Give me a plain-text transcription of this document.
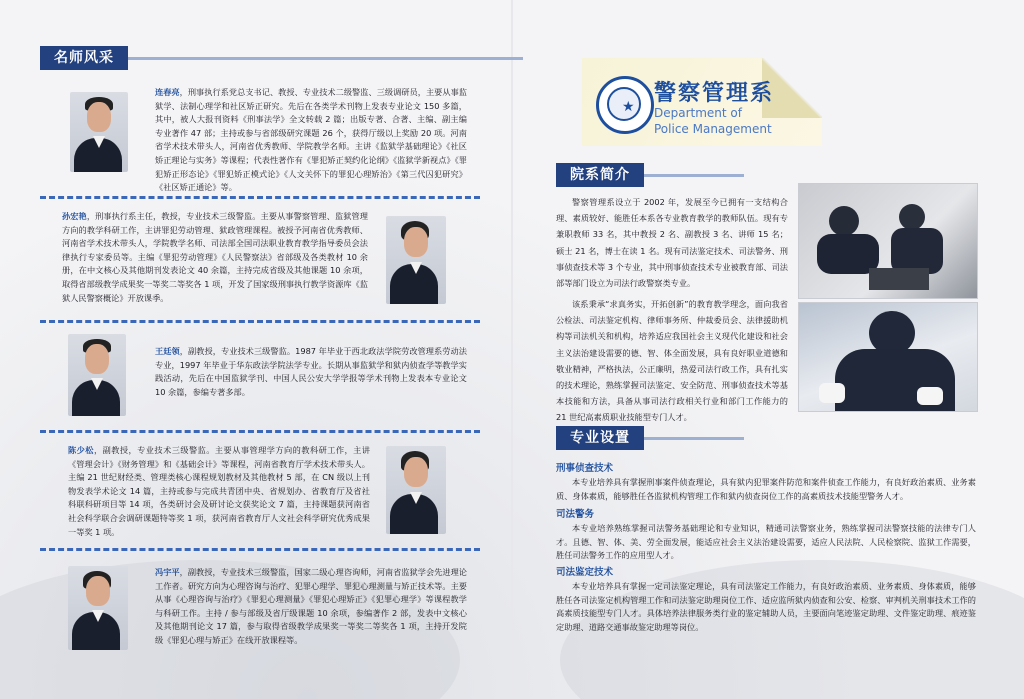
名师风采
连春亮，刑事执行系党总支书记、教授、专业技术二级警监、三级调研员，主要从事监狱学、法制心理学和社区矫正研究。先后在各类学术刊物上发表专业论文 150 多篇，其中，被人大报刊资料《刑事法学》全文转载 2 篇；出版专著、合著、主编、副主编专业著作 47 部；主持或参与省部级研究课题 26 个，获得厅级以上奖励 20 项。河南省学术技术带头人，河南省优秀教师、学院教学名师。主讲《监狱学基础理论》《社区矫正理论与实务》等课程；代表性著作有《罪犯矫正契约化论纲》《监狱学新视点》《罪犯矫正形态论》《罪犯矫正模式论》《人文关怀下的罪犯心理矫治》《第三代囚犯研究》《社区矫正通论》等。
孙宏艳，刑事执行系主任，教授，专业技术三级警监。主要从事警察管理、监狱管理方向的教学科研工作，主讲罪犯劳动管理、狱政管理课程。被授予河南省优秀教师、河南省学术技术带头人，学院教学名师、司法部全国司法职业教育教学指导委员会法律执行专家委员等。主编《罪犯劳动管理》《人民警察法》省部级及各类教材 10 余册，在中文核心及其他期刊发表论文 40 余篇，主持完成省级及其他课题 10 余项，取得省部级教学成果奖一等奖二等奖各 1 项，开发了国家级刑事执行教学资源库《监狱人民警察概论》开放课季。
王廷领，副教授，专业技术三级警监。1987 年毕业于西北政法学院劳改管理系劳动法专业，1997 年毕业于华东政法学院法学专业。长期从事监狱学和狱内侦查学等教学实践活动，先后在中国监狱学刊、中国人民公安大学学报等学术刊物上发表本专业论文 10 余篇，参编专著多部。
陈少松，副教授，专业技术三级警监。主要从事管理学方向的教科研工作，主讲《管理会计》《财务管理》和《基础会计》等课程，河南省教育厅学术技术带头人。主编 21 世纪财经类、管理类核心课程规划教材及其他教材 5 部，在 CN 级以上刊物发表学术论文 14 篇，主持或参与完成共青团中央、省规划办、省教育厅及省社科联科研项目等 14 项，各类研讨会及研讨论文获奖论文 7 篇，主持课题获河南省社会科学联合会调研课题特等奖 1 项，获河南省教育厅人文社会科学研究优秀成果一等奖 1 项。
冯宇平，副教授，专业技术三级警监，国家二级心理咨询师，河南省监狱学会先进理论工作者。研究方向为心理咨询与治疗、犯罪心理学、罪犯心理测量与矫正技术等。主要从事《心理咨询与治疗》《罪犯心理测量》《罪犯心理矫正》《犯罪心理学》等课程教学与科研工作。主持 / 参与部级及省厅级课题 10 余项，参编著作 2 部，发表中文核心及其他期刊论文 17 篇，参与取得省级教学成果奖一等奖二等奖各 1 项，主持开发院级《罪犯心理与矫正》在线开放课程等。
★
警察管理系
Department of
Police Management
院系简介
警察管理系设立于 2002 年，发展至今已拥有一支结构合理、素质较好、能胜任本系各专业教育教学的教师队伍。现有专兼职教师 33 名，其中教授 2 名、副教授 3 名、讲师 15 名；硕士 21 名，博士在读 1 名。现有司法鉴定技术、司法警务、刑事侦查技术等 3 个专业，其中刑事侦查技术专业被教育部、司法部等部门设立为司法行政警察类专业。
该系秉承“求真务实，开拓创新”的教育教学理念，面向我省公检法、司法鉴定机构、律师事务所、仲裁委员会、法律援助机构等司法机关和机构，培养适应我国社会主义现代化建设和社会主义法治建设需要的德、智、体全面发展，具有良好职业道德和敬业精神，严格执法，公正廉明，热爱司法行政工作，具有扎实的技术理论，熟练掌握司法鉴定、安全防范、刑事侦查技术等基本技能和方法，具备从事司法行政相关行业和部门工作能力的 21 世纪高素质职业技能型专门人才。
专业设置
刑事侦查技术
本专业培养具有掌握刑事案件侦查理论，具有狱内犯罪案件防范和案件侦查工作能力，有良好政治素质、业务素质、身体素质，能够胜任各监狱机构管理工作和狱内侦查岗位工作的高素质技术技能型警务人才。
司法警务
本专业培养熟练掌握司法警务基础理论和专业知识，精通司法警察业务，熟练掌握司法警察技能的法律专门人才。且德、智、体、美、劳全面发展，能适应社会主义法治建设需要，适应人民法院、人民检察院、监狱工作需要，胜任司法警务工作的应用型人才。
司法鉴定技术
本专业培养具有掌握一定司法鉴定理论，具有司法鉴定工作能力，有良好政治素质、业务素质、身体素质，能够胜任各司法鉴定机构管理工作和司法鉴定助理岗位工作、适应监所狱内侦查和公安、检察、审判机关刑事技术工作的高素质技能型专门人才。具体培养法律服务类行业的鉴定辅助人员，主要面向笔迹鉴定助理、文件鉴定助理、痕迹鉴定助理、道路交通事故鉴定助理等岗位。
